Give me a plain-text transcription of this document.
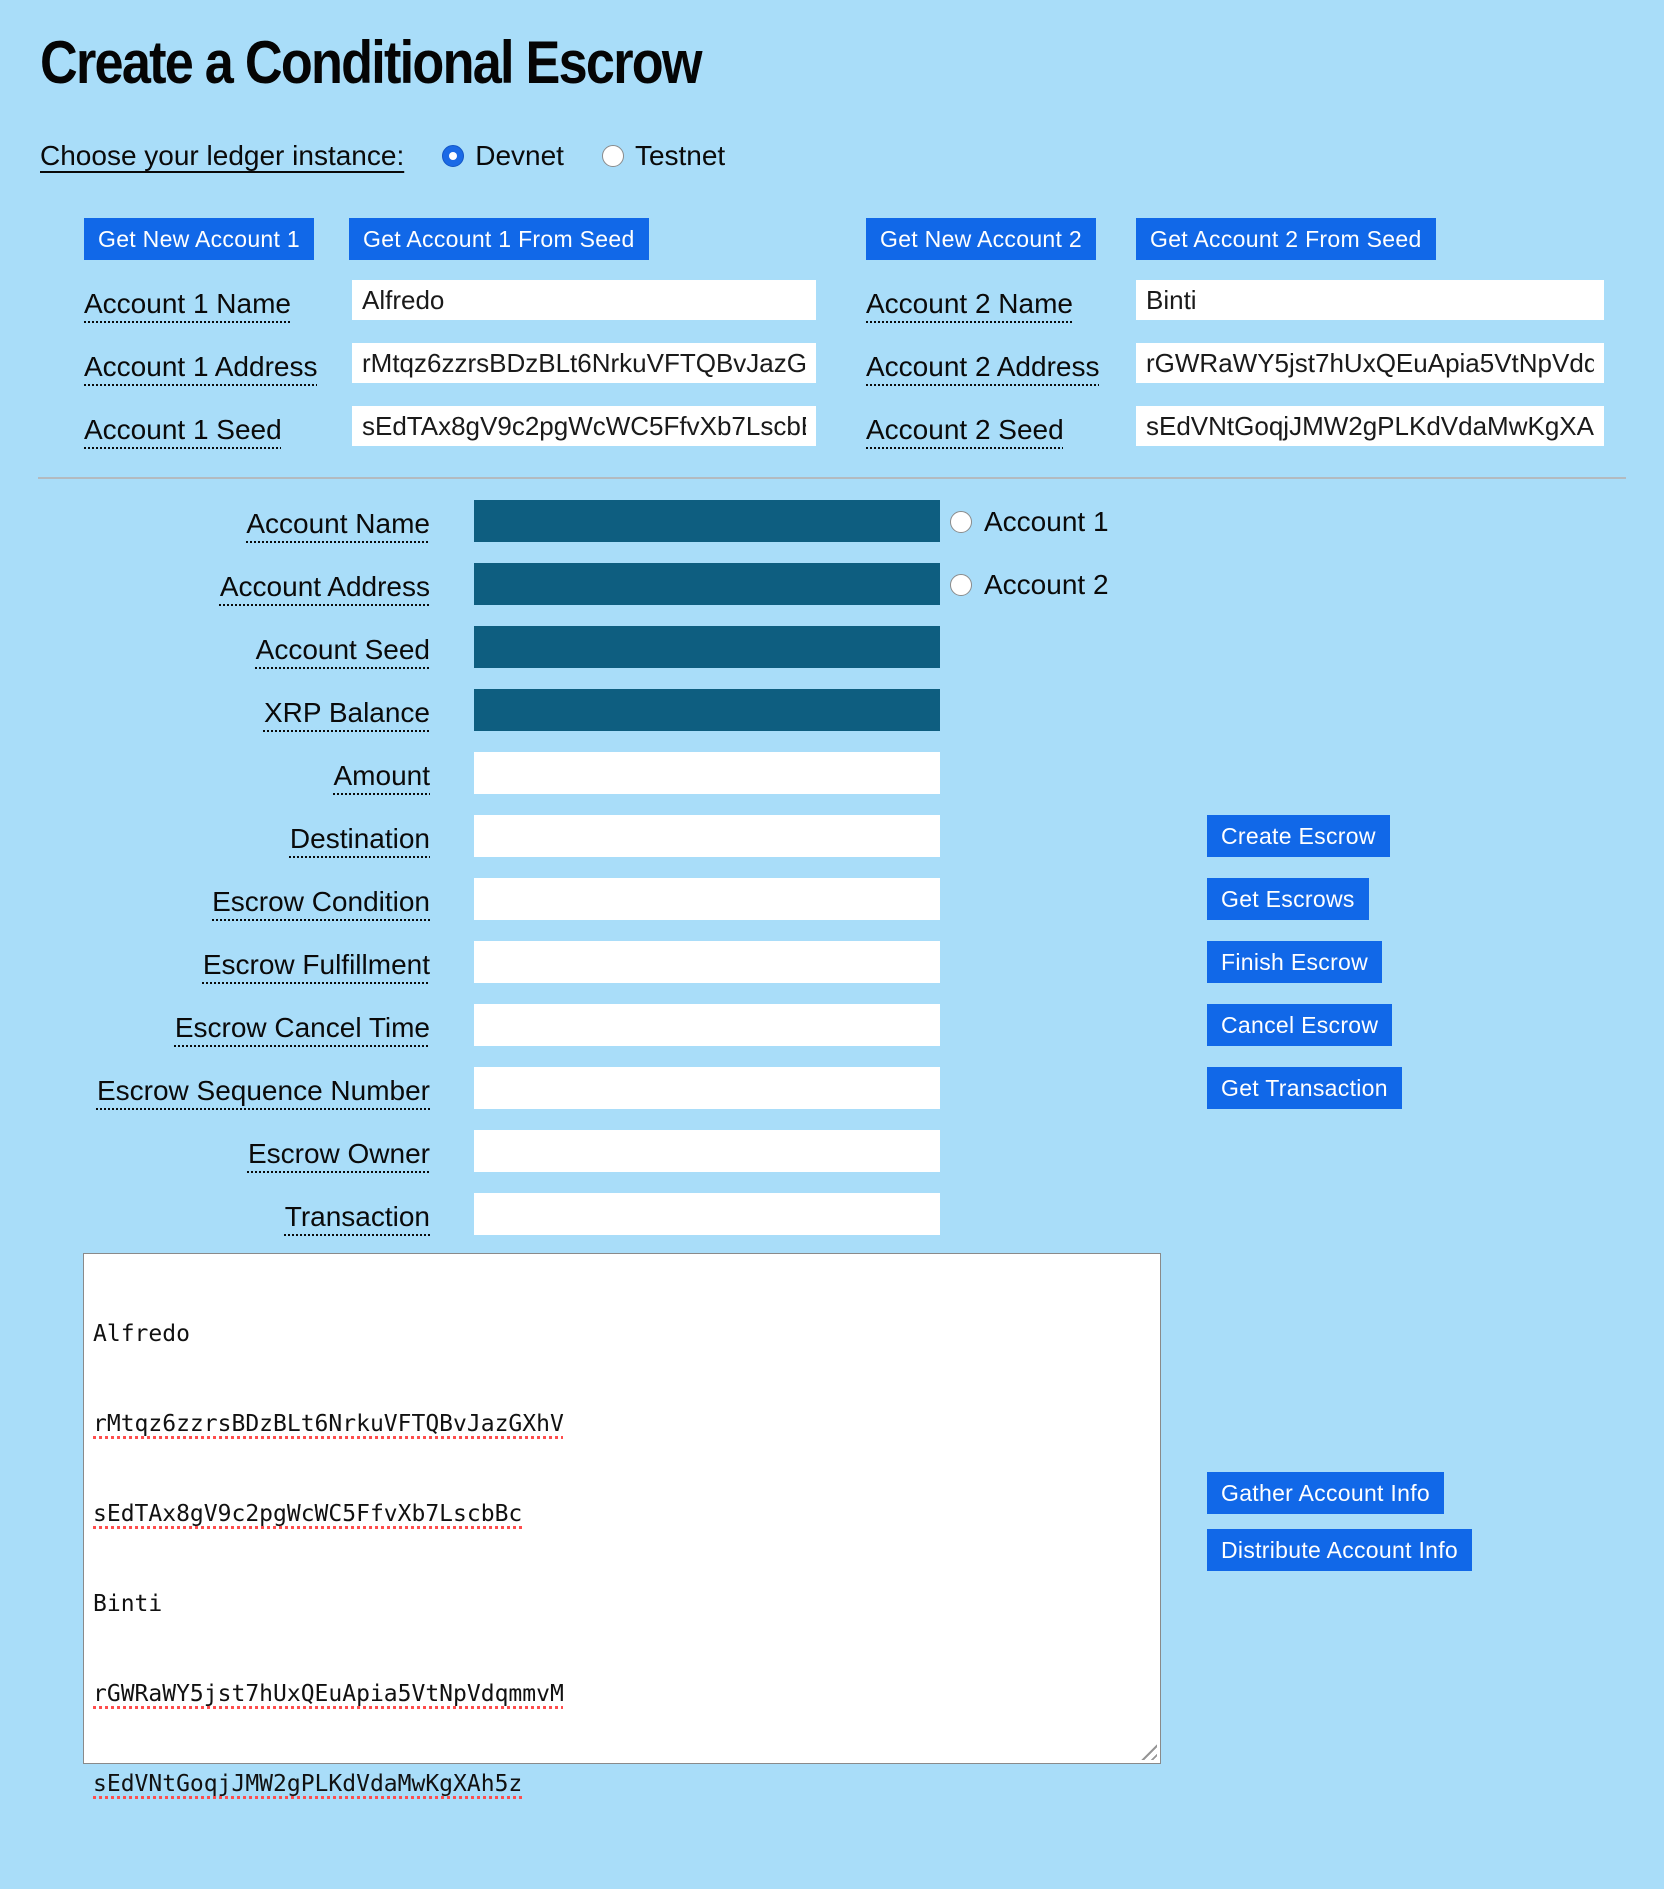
Create a Conditional Escrow
Choose your ledger instance:	Devnet	Testnet
Get New Account 1	Get Account 1 From Seed
Account 1 Name
Alfredo
Account 1 Address
rMtqz6zzrsBDzBLt6NrkuVFTQBvJazGXhV
Account 1 Seed
sEdTAx8gV9c2pgWcWC5FfvXb7LscbBc
Get New Account 2	Get Account 2 From Seed
Account 2 Name
Binti
Account 2 Address
rGWRaWY5jst7hUxQEuApia5VtNpVdqmmvM
Account 2 Seed
sEdVNtGoqjJMW2gPLKdVdaMwKgXAh5z
Account Name
Account Address
Account Seed
XRP Balance
Amount
Destination
Escrow Condition
Escrow Fulfillment
Escrow Cancel Time
Escrow Sequence Number
Escrow Owner
Transaction
Account 1
Account 2
Create Escrow
Get Escrows
Finish Escrow
Cancel Escrow
Get Transaction

Alfredo

rMtqz6zzrsBDzBLt6NrkuVFTQBvJazGXhV

sEdTAx8gV9c2pgWcWC5FfvXb7LscbBc

Binti

rGWRaWY5jst7hUxQEuApia5VtNpVdqmmvM

sEdVNtGoqjJMW2gPLKdVdaMwKgXAh5z

Gather Account Info
Distribute Account Info
